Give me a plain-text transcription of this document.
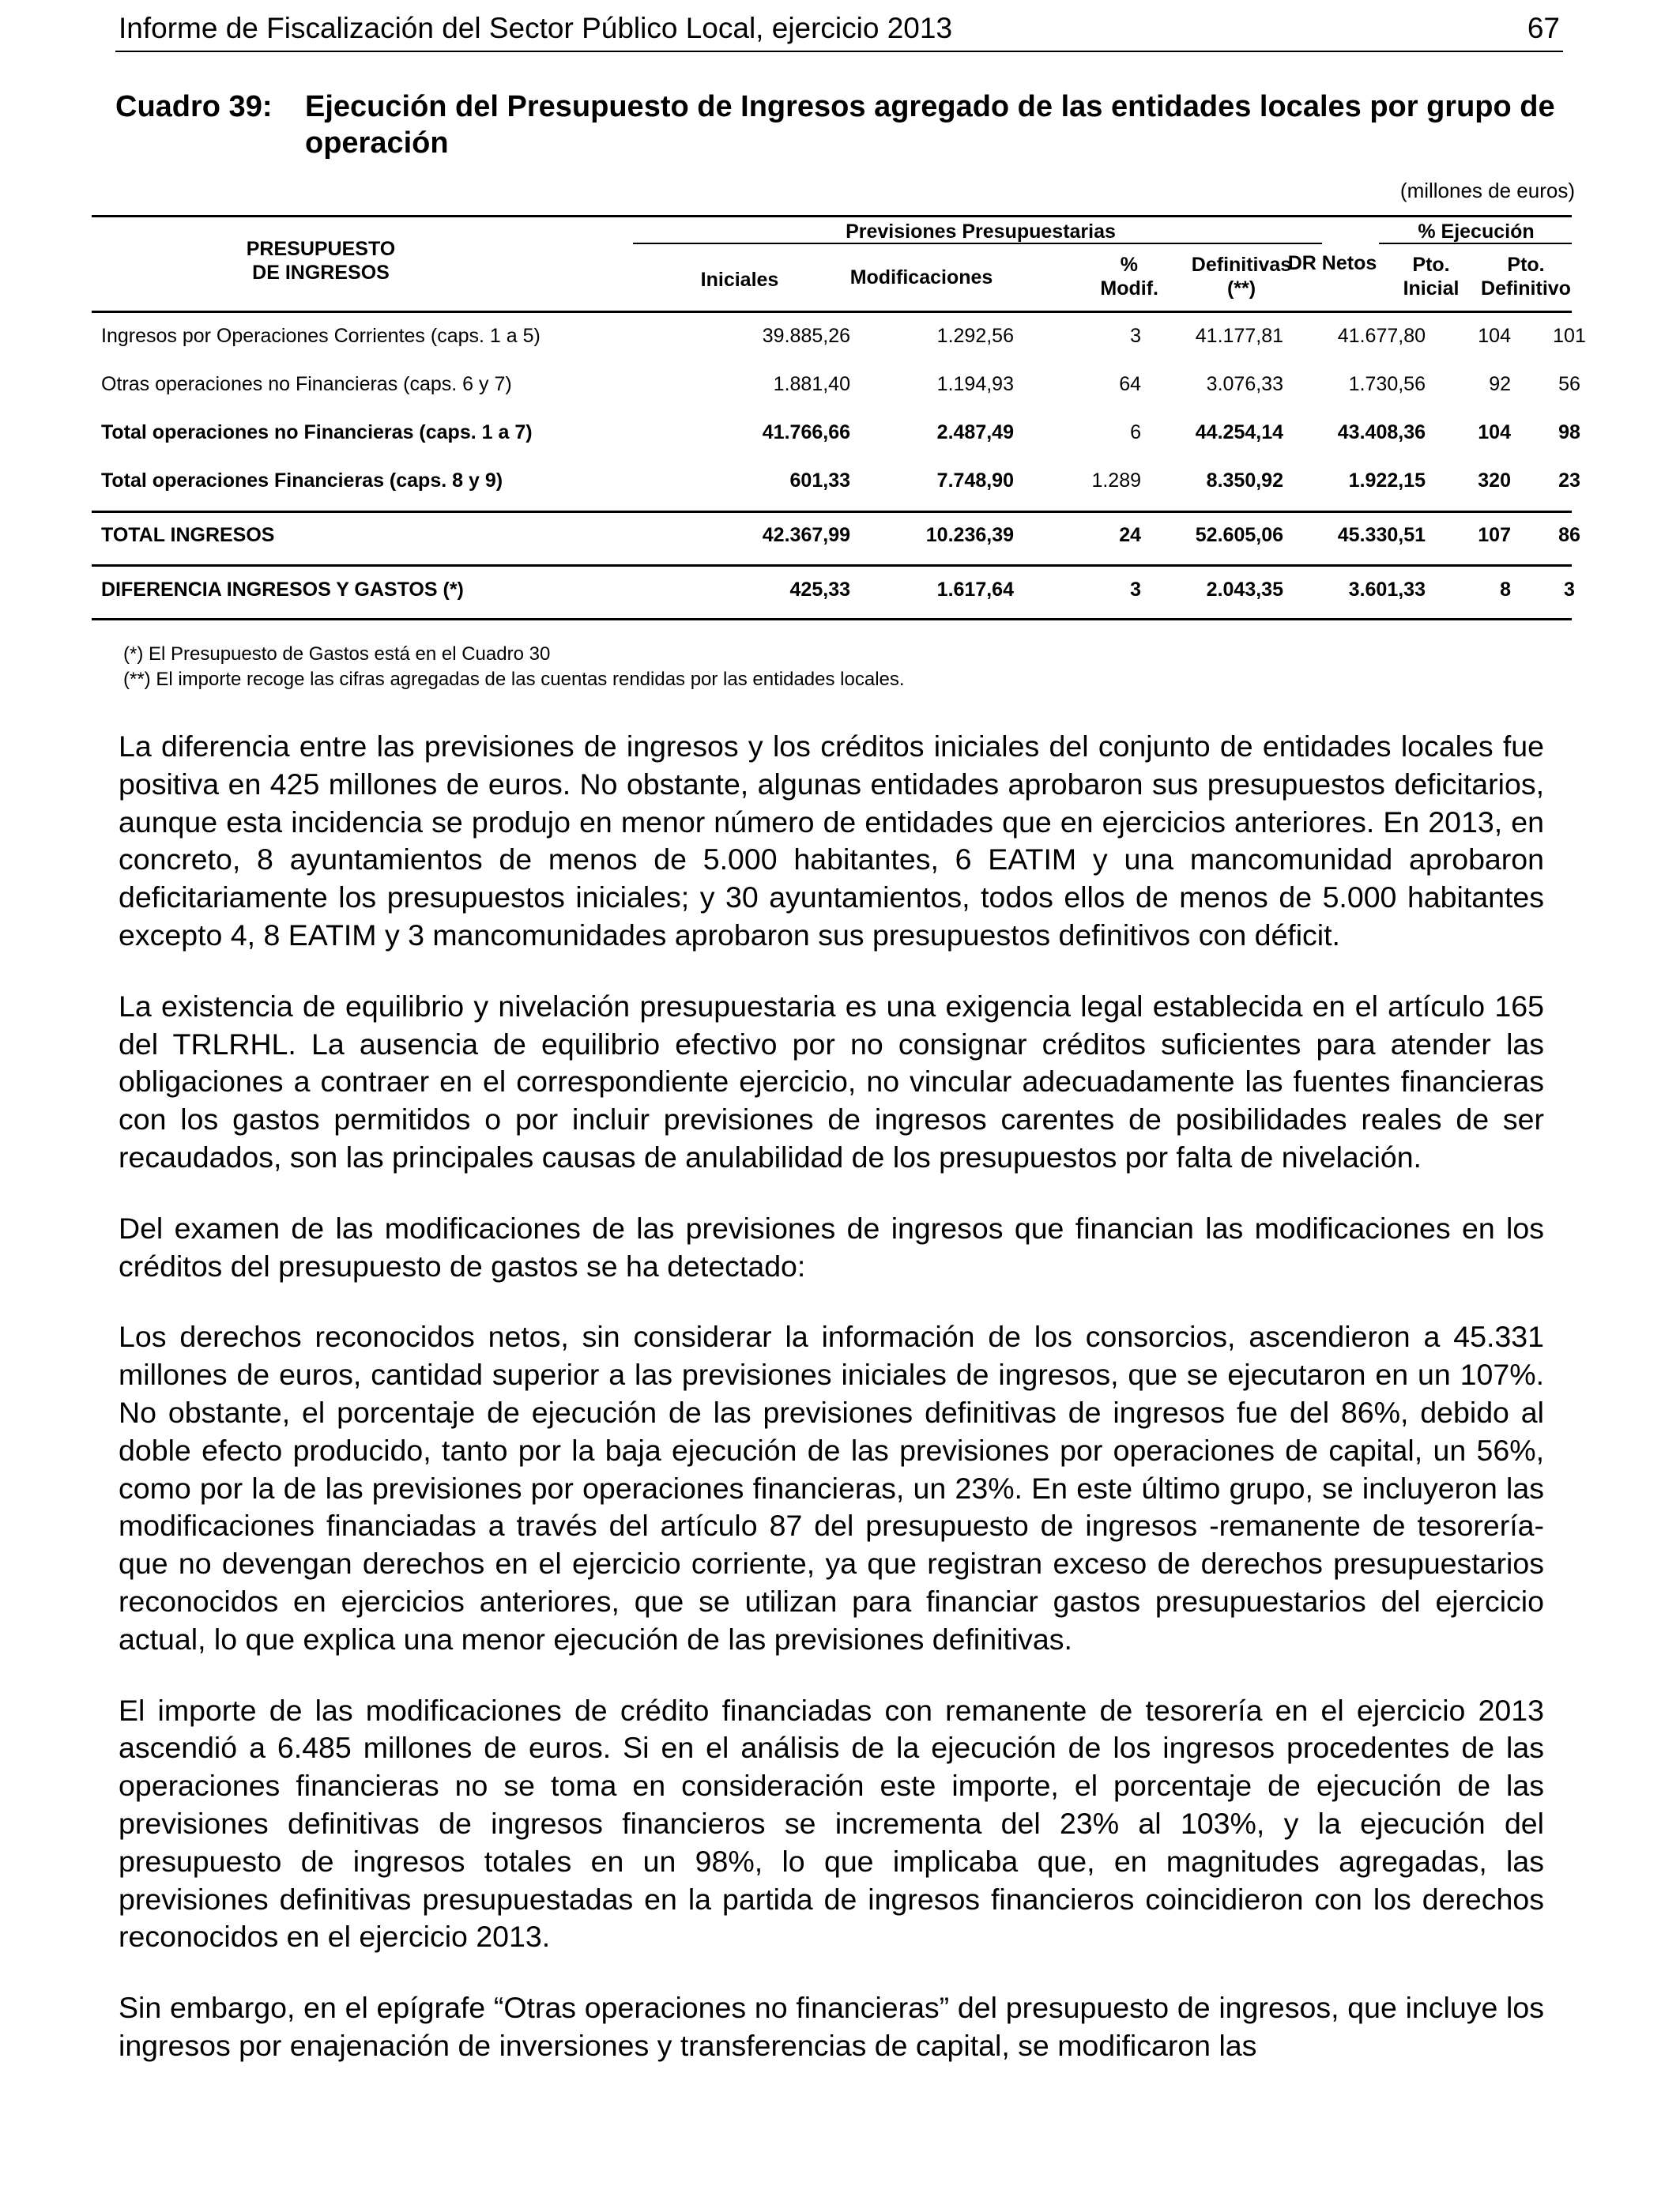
Informe de Fiscalización del Sector Público Local, ejercicio 2013	67
Cuadro 39: Ejecución del Presupuesto de Ingresos agregado de las entidades locales por grupo de operación
(millones de euros)
PRESUPUESTO
DE INGRESOS
Previsiones Presupuestarias	% Ejecución
Iniciales	Modificaciones
%
Modif.
Definitivas
(**)
DR Netos	Pto.
Inicial
Pto.
Definitivo
Ingresos por Operaciones Corrientes (caps. 1 a 5)	39.885,26	1.292,56	3	41.177,81	41.677,80	104	101
Otras operaciones no Financieras (caps. 6 y 7)	1.881,40	1.194,93	64	3.076,33	1.730,56	92	56
Total operaciones no Financieras (caps. 1 a 7)	41.766,66	2.487,49	6	44.254,14	43.408,36	104	98
Total operaciones Financieras (caps. 8 y 9)	601,33	7.748,90	1.289	8.350,92	1.922,15	320	23
TOTAL INGRESOS	42.367,99	10.236,39	24	52.605,06	45.330,51	107	86
DIFERENCIA INGRESOS Y GASTOS (*)	425,33	1.617,64	3	2.043,35	3.601,33	8	3
(*) El Presupuesto de Gastos está en el Cuadro 30
(**) El importe recoge las cifras agregadas de las cuentas rendidas por las entidades locales.

La diferencia entre las previsiones de ingresos y los créditos iniciales del conjunto de entidades locales fue positiva en 425 millones de euros. No obstante, algunas entidades aprobaron sus presupuestos deficitarios, aunque esta incidencia se produjo en menor número de entidades que en ejercicios anteriores. En 2013, en concreto, 8 ayuntamientos de menos de 5.000 habitantes, 6 EATIM y una mancomunidad aprobaron deficitariamente los presupuestos iniciales; y 30 ayuntamientos, todos ellos de menos de 5.000 habitantes excepto 4, 8 EATIM y 3 mancomunidades aprobaron sus presupuestos definitivos con déficit.

La existencia de equilibrio y nivelación presupuestaria es una exigencia legal establecida en el artículo 165 del TRLRHL. La ausencia de equilibrio efectivo por no consignar créditos suficientes para atender las obligaciones a contraer en el correspondiente ejercicio, no vincular adecuadamente las fuentes financieras con los gastos permitidos o por incluir previsiones de ingresos carentes de posibilidades reales de ser recaudados, son las principales causas de anulabilidad de los presupuestos por falta de nivelación.

Del examen de las modificaciones de las previsiones de ingresos que financian las modificaciones en los créditos del presupuesto de gastos se ha detectado:

Los derechos reconocidos netos, sin considerar la información de los consorcios, ascendieron a 45.331 millones de euros, cantidad superior a las previsiones iniciales de ingresos, que se ejecutaron en un 107%. No obstante, el porcentaje de ejecución de las previsiones definitivas de ingresos fue del 86%, debido al doble efecto producido, tanto por la baja ejecución de las previsiones por operaciones de capital, un 56%, como por la de las previsiones por operaciones financieras, un 23%. En este último grupo, se incluyeron las modificaciones financiadas a través del artículo 87 del presupuesto de ingresos -remanente de tesorería- que no devengan derechos en el ejercicio corriente, ya que registran exceso de derechos presupuestarios reconocidos en ejercicios anteriores, que se utilizan para financiar gastos presupuestarios del ejercicio actual, lo que explica una menor ejecución de las previsiones definitivas.

El importe de las modificaciones de crédito financiadas con remanente de tesorería en el ejercicio 2013 ascendió a 6.485 millones de euros. Si en el análisis de la ejecución de los ingresos procedentes de las operaciones financieras no se toma en consideración este importe, el porcentaje de ejecución de las previsiones definitivas de ingresos financieros se incrementa del 23% al 103%, y la ejecución del presupuesto de ingresos totales en un 98%, lo que implicaba que, en magnitudes agregadas, las previsiones definitivas presupuestadas en la partida de ingresos financieros coincidieron con los derechos reconocidos en el ejercicio 2013.

Sin embargo, en el epígrafe “Otras operaciones no financieras” del presupuesto de ingresos, que incluye los ingresos por enajenación de inversiones y transferencias de capital, se modificaron las
